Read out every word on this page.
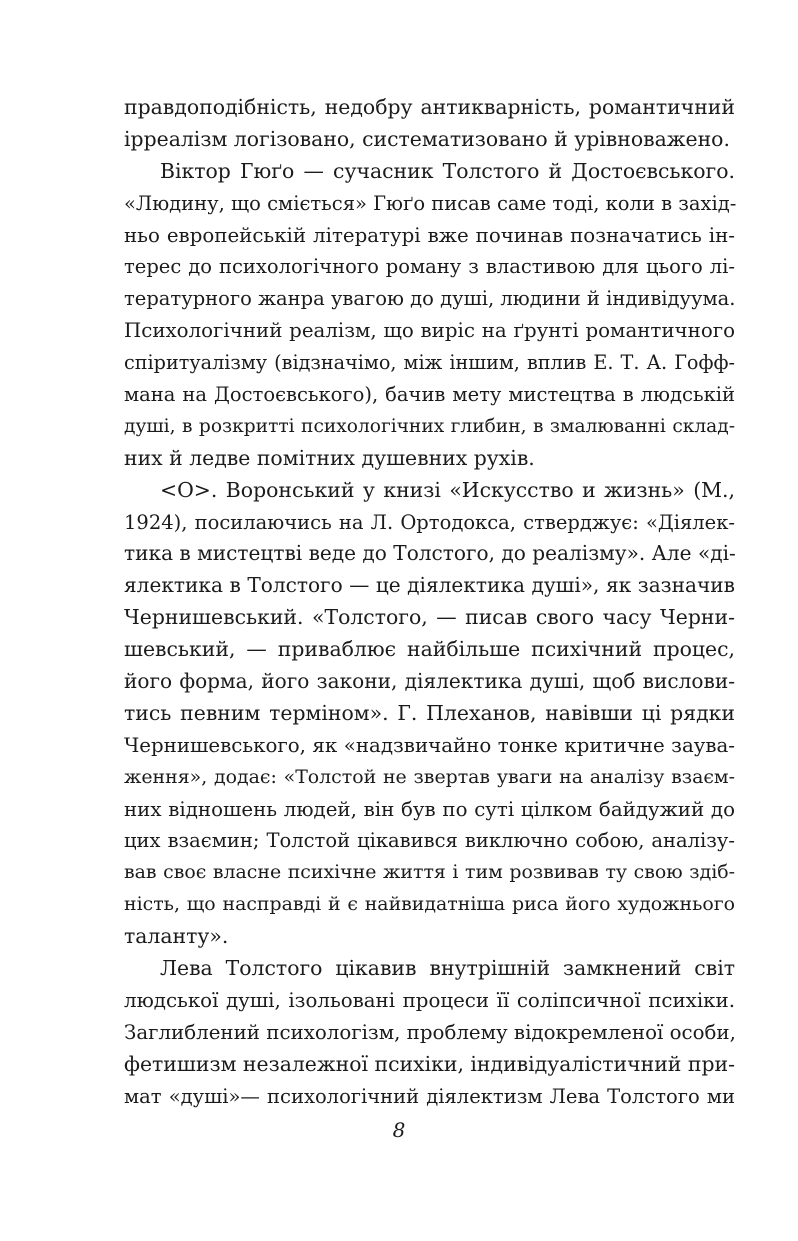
правдоподібність, недобру антикварність, романтичний
ірреалізм логізовано, систематизовано й урівноважено.
Віктор Гюґо — сучасник Толстого й Достоєвського.
«Людину, що сміється» Гюґо писав саме тоді, коли в захід-
ньо европейській літературі вже починав позначатись ін-
терес до психологічного роману з властивою для цього лі-
тературного жанра увагою до душі, людини й індивідуума.
Психологічний реалізм, що виріс на ґрунті романтичного
спіритуалізму (відзначімо, між іншим, вплив Е. Т. А. Гофф-
мана на Достоєвського), бачив мету мистецтва в людській
душі, в розкритті психологічних глибин, в змалюванні склад-
них й ледве помітних душевних рухів.
<О>. Воронський у книзі «Искусство и жизнь» (М.,
1924), посилаючись на Л. Ортодокса, стверджує: «Діялек-
тика в мистецтві веде до Толстого, до реалізму». Але «ді-
ялектика в Толстого — це діялектика душі», як зазначив
Чернишевський. «Толстого, — писав свого часу Черни-
шевський, — приваблює найбільше психічний процес,
його форма, його закони, діялектика душі, щоб вислови-
тись певним терміном». Г. Плеханов, навівши ці рядки
Чернишевського, як «надзвичайно тонке критичне заува-
ження», додає: «Толстой не звертав уваги на аналізу взаєм-
них відношень людей, він був по суті цілком байдужий до
цих взаємин; Толстой цікавився виключно собою, аналізу-
вав своє власне психічне життя і тим розвивав ту свою здіб-
ність, що насправді й є найвидатніша риса його художнього
таланту».
Лева Толстого цікавив внутрішній замкнений світ
людської душі, ізольовані процеси її соліпсичної психіки.
Заглиблений психологізм, проблему відокремленої особи,
фетишизм незалежної психіки, індивідуалістичний при-
мат «душі»— психологічний діялектизм Лева Толстого ми
8
